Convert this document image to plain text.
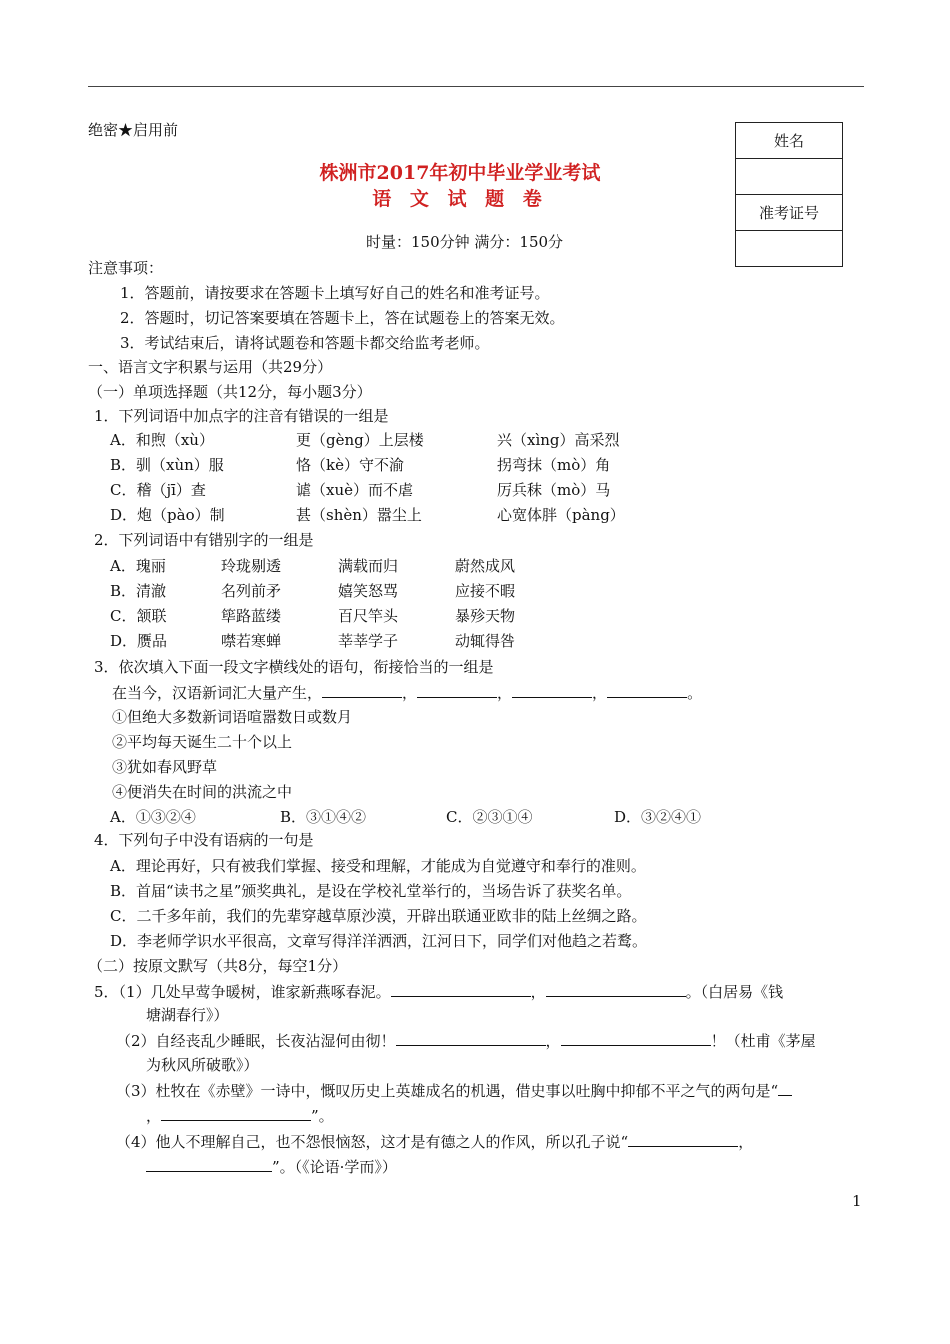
绝密★启用前
株洲市2017年初中毕业学业考试
语 文 试 题 卷
姓名

准考证号

时量：150分钟 满分：150分
注意事项：
1．答题前，请按要求在答题卡上填写好自己的姓名和准考证号。
2．答题时，切记答案要填在答题卡上，答在试题卷上的答案无效。
3．考试结束后，请将试题卷和答题卡都交给监考老师。
一、语言文字积累与运用（共29分）
（一）单项选择题（共12分，每小题3分）
1．下列词语中加点字的注音有错误的一组是
A．和煦（xù）	更（gèng）上层楼	兴（xìng）高采烈
B．驯（xùn）服	恪（kè）守不渝	拐弯抹（mò）角
C．稽（jī）查	谑（xuè）而不虐	厉兵秣（mò）马
D．炮（pào）制	甚（shèn）嚣尘上	心宽体胖（pàng）
2．下列词语中有错别字的一组是
A．瑰丽	玲珑剔透	满载而归	蔚然成风
B．清澈	名列前矛	嬉笑怒骂	应接不暇
C．颔联	筚路蓝缕	百尺竿头	暴殄天物
D．赝品	噤若寒蝉	莘莘学子	动辄得咎
3．依次填入下面一段文字横线处的语句，衔接恰当的一组是
在当今，汉语新词汇大量产生，	，	，	，	。
①但绝大多数新词语喧嚣数日或数月
②平均每天诞生二十个以上
③犹如春风野草
④便消失在时间的洪流之中
A．①③②④	B．③①④②	C．②③①④	D．③②④①
4．下列句子中没有语病的一句是
A．理论再好，只有被我们掌握、接受和理解，才能成为自觉遵守和奉行的准则。
B．首届“读书之星”颁奖典礼，是设在学校礼堂举行的，当场告诉了获奖名单。
C．二千多年前，我们的先辈穿越草原沙漠，开辟出联通亚欧非的陆上丝绸之路。
D．李老师学识水平很高，文章写得洋洋洒洒，江河日下，同学们对他趋之若鹜。
（二）按原文默写（共8分，每空1分）
5．（1）几处早莺争暖树，谁家新燕啄春泥。	，	。（白居易《钱
塘湖春行》）
（2）自经丧乱少睡眠，长夜沾湿何由彻！	，	！（杜甫《茅屋
为秋风所破歌》）
（3）杜牧在《赤壁》一诗中，慨叹历史上英雄成名的机遇，借史事以吐胸中抑郁不平之气的两句是“
，	”。
（4）他人不理解自己，也不怨恨恼怒，这才是有德之人的作风，所以孔子说“	，
”。（《论语·学而》）
1
